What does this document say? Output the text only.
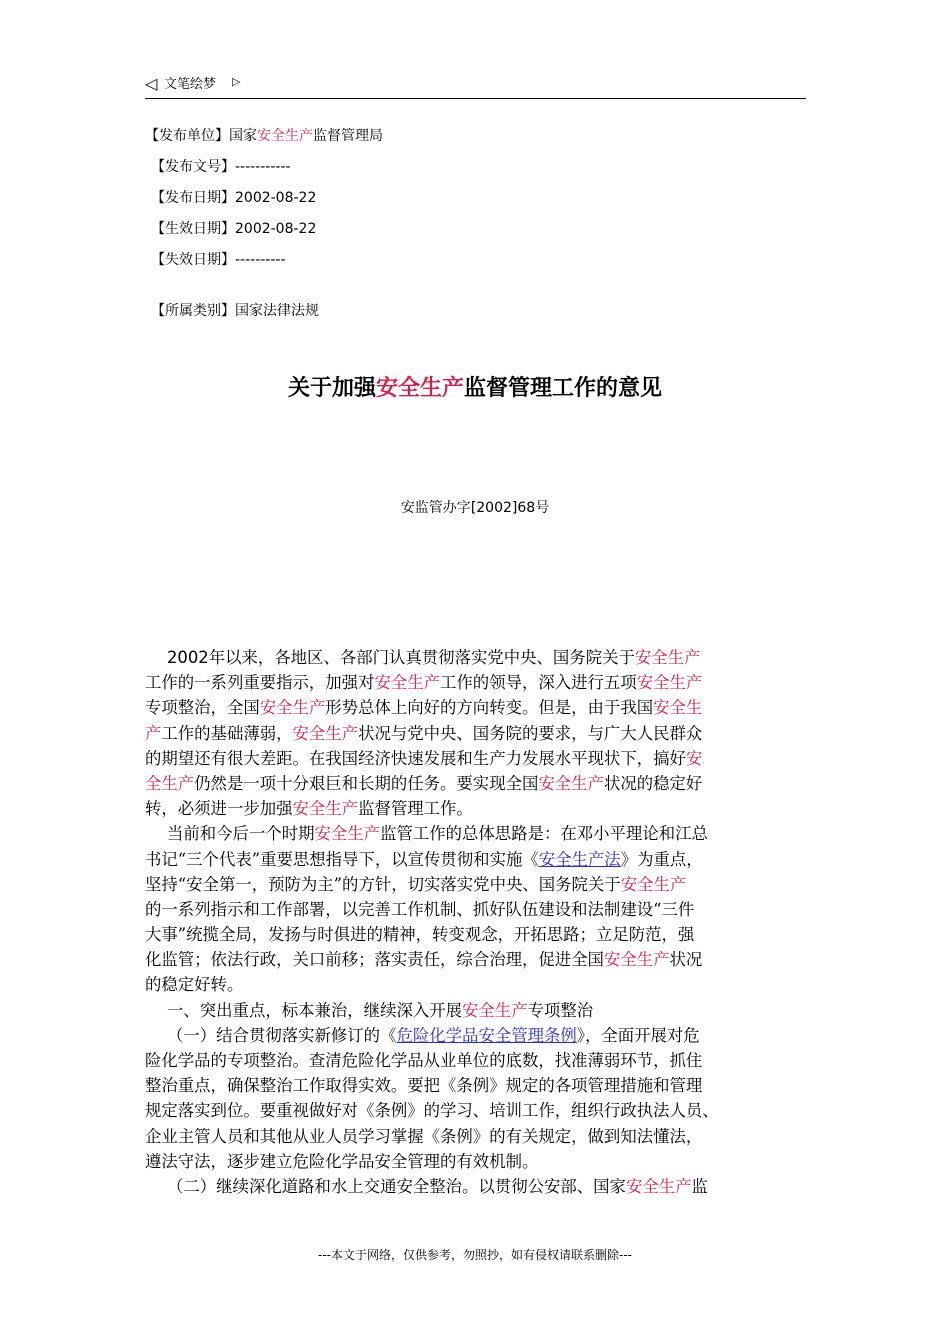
◁ 文笔绘梦 ▷
【发布单位】国家安全生产监督管理局
【发布文号】-----------
【发布日期】2002-08-22
【生效日期】2002-08-22
【失效日期】----------
【所属类别】国家法律法规
关于加强安全生产监督管理工作的意见
安监管办字[2002]68号
2002年以来，各地区、各部门认真贯彻落实党中央、国务院关于安全生产
工作的一系列重要指示，加强对安全生产工作的领导，深入进行五项安全生产
专项整治，全国安全生产形势总体上向好的方向转变。但是，由于我国安全生
产工作的基础薄弱，安全生产状况与党中央、国务院的要求，与广大人民群众
的期望还有很大差距。在我国经济快速发展和生产力发展水平现状下，搞好安
全生产仍然是一项十分艰巨和长期的任务。要实现全国安全生产状况的稳定好
转，必须进一步加强安全生产监督管理工作。
当前和今后一个时期安全生产监管工作的总体思路是：在邓小平理论和江总
书记“三个代表”重要思想指导下，以宣传贯彻和实施《安全生产法》为重点，
坚持“安全第一，预防为主”的方针，切实落实党中央、国务院关于安全生产
的一系列指示和工作部署，以完善工作机制、抓好队伍建设和法制建设“三件
大事”统揽全局，发扬与时俱进的精神，转变观念，开拓思路；立足防范，强
化监管；依法行政，关口前移；落实责任，综合治理，促进全国安全生产状况
的稳定好转。
一、突出重点，标本兼治，继续深入开展安全生产专项整治
（一）结合贯彻落实新修订的《危险化学品安全管理条例》，全面开展对危
险化学品的专项整治。查清危险化学品从业单位的底数，找准薄弱环节，抓住
整治重点，确保整治工作取得实效。要把《条例》规定的各项管理措施和管理
规定落实到位。要重视做好对《条例》的学习、培训工作，组织行政执法人员、
企业主管人员和其他从业人员学习掌握《条例》的有关规定，做到知法懂法，
遵法守法，逐步建立危险化学品安全管理的有效机制。
（二）继续深化道路和水上交通安全整治。以贯彻公安部、国家安全生产监
---本文于网络，仅供参考，勿照抄，如有侵权请联系删除---
